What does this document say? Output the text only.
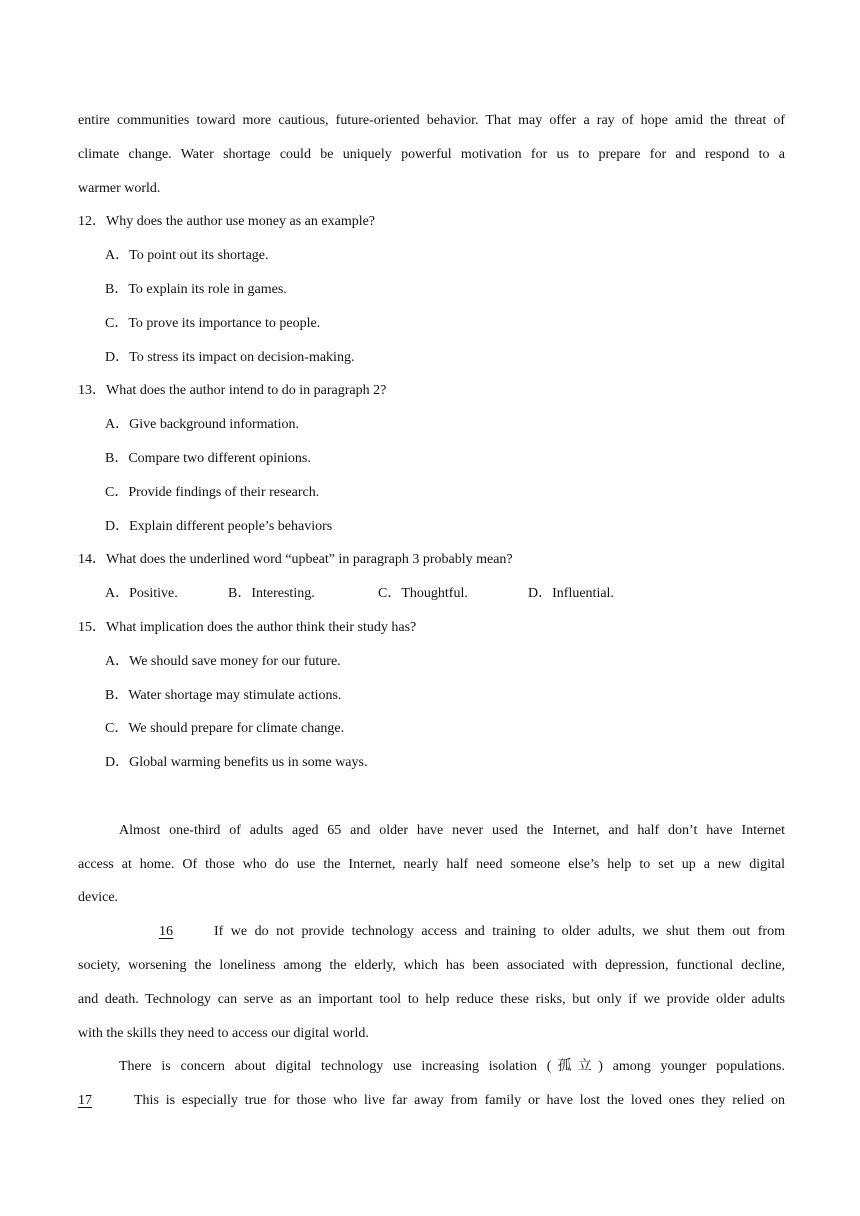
entire communities toward more cautious, future-oriented behavior. That may offer a ray of hope amid the threat of
climate change. Water shortage could be uniquely powerful motivation for us to prepare for and respond to a
warmer world.
12．Why does the author use money as an example?
A．To point out its shortage.
B．To explain its role in games.
C．To prove its importance to people.
D．To stress its impact on decision-making.
13．What does the author intend to do in paragraph 2?
A．Give background information.
B．Compare two different opinions.
C．Provide findings of their research.
D．Explain different people’s behaviors
14．What does the underlined word “upbeat” in paragraph 3 probably mean?
A．Positive.	B．Interesting.	C．Thoughtful.	D．Influential.
15．What implication does the author think their study has?
A．We should save money for our future.
B．Water shortage may stimulate actions.
C．We should prepare for climate change.
D．Global warming benefits us in some ways.
Almost one-third of adults aged 65 and older have never used the Internet, and half don’t have Internet
access at home. Of those who do use the Internet, nearly half need someone else’s help to set up a new digital
device.
16	If we do not provide technology access and training to older adults, we shut them out from
society, worsening the loneliness among the elderly, which has been associated with depression, functional decline,
and death. Technology can serve as an important tool to help reduce these risks, but only if we provide older adults
with the skills they need to access our digital world.
There is concern about digital technology use increasing isolation (孤立) among younger populations.
17	This is especially true for those who live far away from family or have lost the loved ones they relied on
